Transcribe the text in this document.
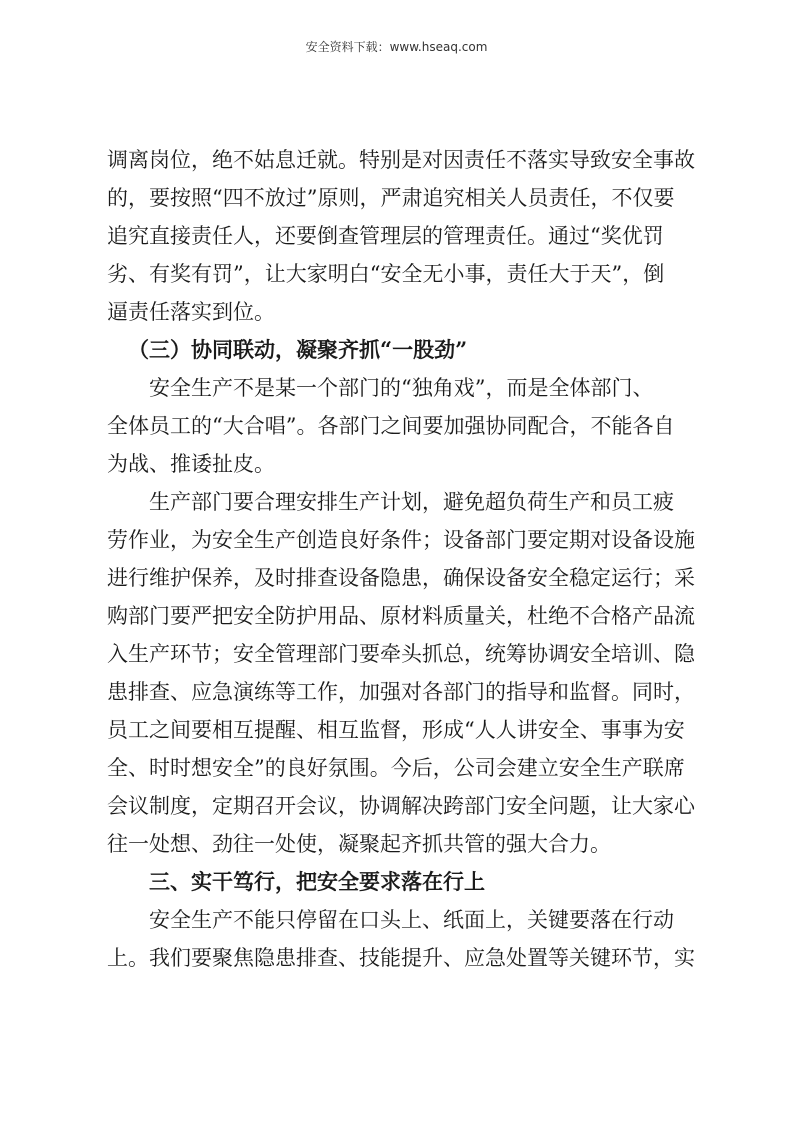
安全资料下载：www.hseaq.com
调离岗位，绝不姑息迁就。特别是对因责任不落实导致安全事故
的，要按照“四不放过”原则，严肃追究相关人员责任，不仅要
追究直接责任人，还要倒查管理层的管理责任。通过“奖优罚
劣、有奖有罚”，让大家明白“安全无小事，责任大于天”，倒
逼责任落实到位。
（三）协同联动，凝聚齐抓“一股劲”
安全生产不是某一个部门的“独角戏”，而是全体部门、
全体员工的“大合唱”。各部门之间要加强协同配合，不能各自
为战、推诿扯皮。
生产部门要合理安排生产计划，避免超负荷生产和员工疲
劳作业，为安全生产创造良好条件；设备部门要定期对设备设施
进行维护保养，及时排查设备隐患，确保设备安全稳定运行；采
购部门要严把安全防护用品、原材料质量关，杜绝不合格产品流
入生产环节；安全管理部门要牵头抓总，统筹协调安全培训、隐
患排查、应急演练等工作，加强对各部门的指导和监督。同时，
员工之间要相互提醒、相互监督，形成“人人讲安全、事事为安
全、时时想安全”的良好氛围。今后，公司会建立安全生产联席
会议制度，定期召开会议，协调解决跨部门安全问题，让大家心
往一处想、劲往一处使，凝聚起齐抓共管的强大合力。
三、实干笃行，把安全要求落在行上
安全生产不能只停留在口头上、纸面上，关键要落在行动
上。我们要聚焦隐患排查、技能提升、应急处置等关键环节，实
